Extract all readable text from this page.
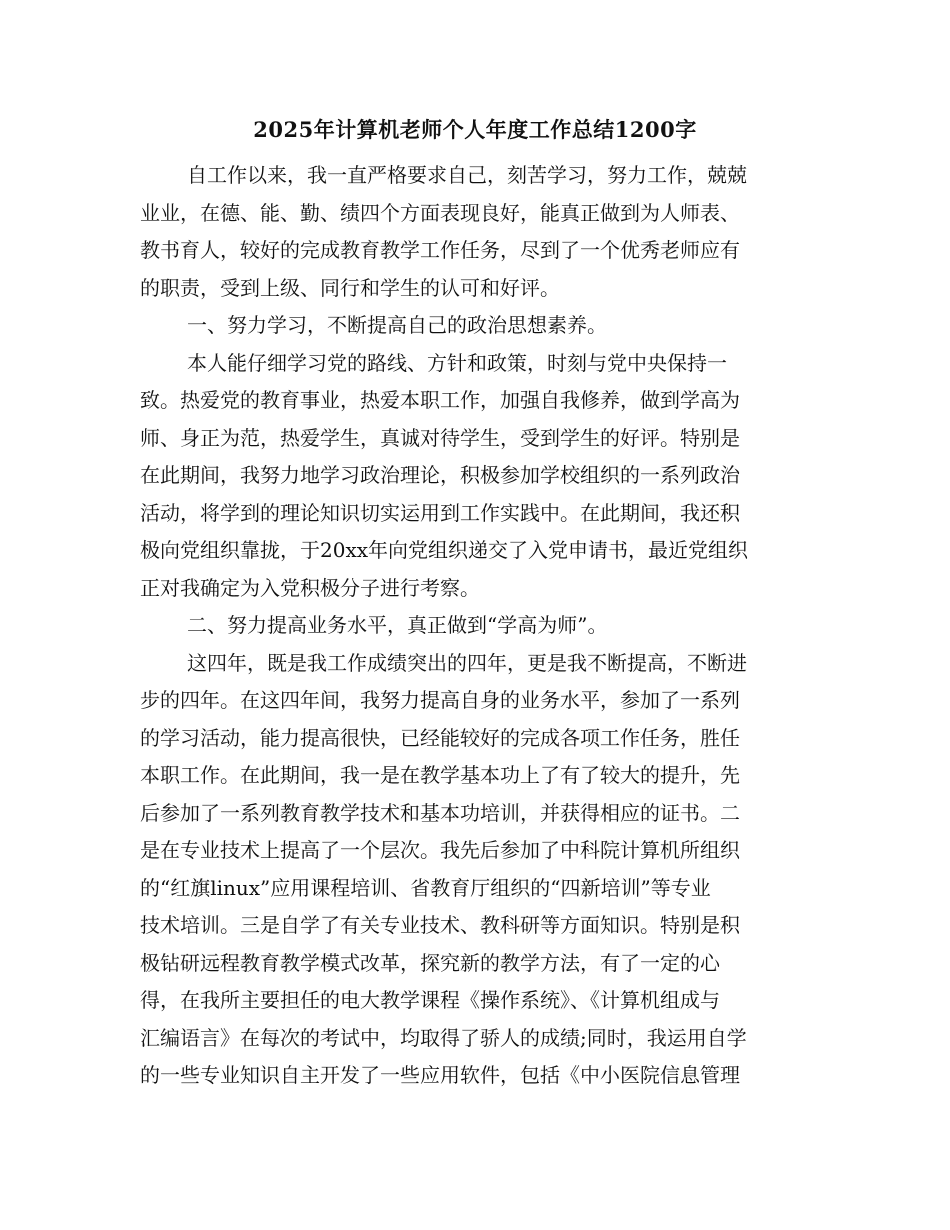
2025年计算机老师个人年度工作总结1200字
自工作以来，我一直严格要求自己，刻苦学习，努力工作，兢兢
业业，在德、能、勤、绩四个方面表现良好，能真正做到为人师表、
教书育人，较好的完成教育教学工作任务，尽到了一个优秀老师应有
的职责，受到上级、同行和学生的认可和好评。
一、努力学习，不断提高自己的政治思想素养。
本人能仔细学习党的路线、方针和政策，时刻与党中央保持一
致。热爱党的教育事业，热爱本职工作，加强自我修养，做到学高为
师、身正为范，热爱学生，真诚对待学生，受到学生的好评。特别是
在此期间，我努力地学习政治理论，积极参加学校组织的一系列政治
活动，将学到的理论知识切实运用到工作实践中。在此期间，我还积
极向党组织靠拢，于20xx年向党组织递交了入党申请书，最近党组织
正对我确定为入党积极分子进行考察。
二、努力提高业务水平，真正做到“学高为师”。
这四年，既是我工作成绩突出的四年，更是我不断提高，不断进
步的四年。在这四年间，我努力提高自身的业务水平，参加了一系列
的学习活动，能力提高很快，已经能较好的完成各项工作任务，胜任
本职工作。在此期间，我一是在教学基本功上了有了较大的提升，先
后参加了一系列教育教学技术和基本功培训，并获得相应的证书。二
是在专业技术上提高了一个层次。我先后参加了中科院计算机所组织
的“红旗linux”应用课程培训、省教育厅组织的“四新培训”等专业
技术培训。三是自学了有关专业技术、教科研等方面知识。特别是积
极钻研远程教育教学模式改革，探究新的教学方法，有了一定的心
得，在我所主要担任的电大教学课程《操作系统》、《计算机组成与
汇编语言》在每次的考试中，均取得了骄人的成绩;同时，我运用自学
的一些专业知识自主开发了一些应用软件，包括《中小医院信息管理
